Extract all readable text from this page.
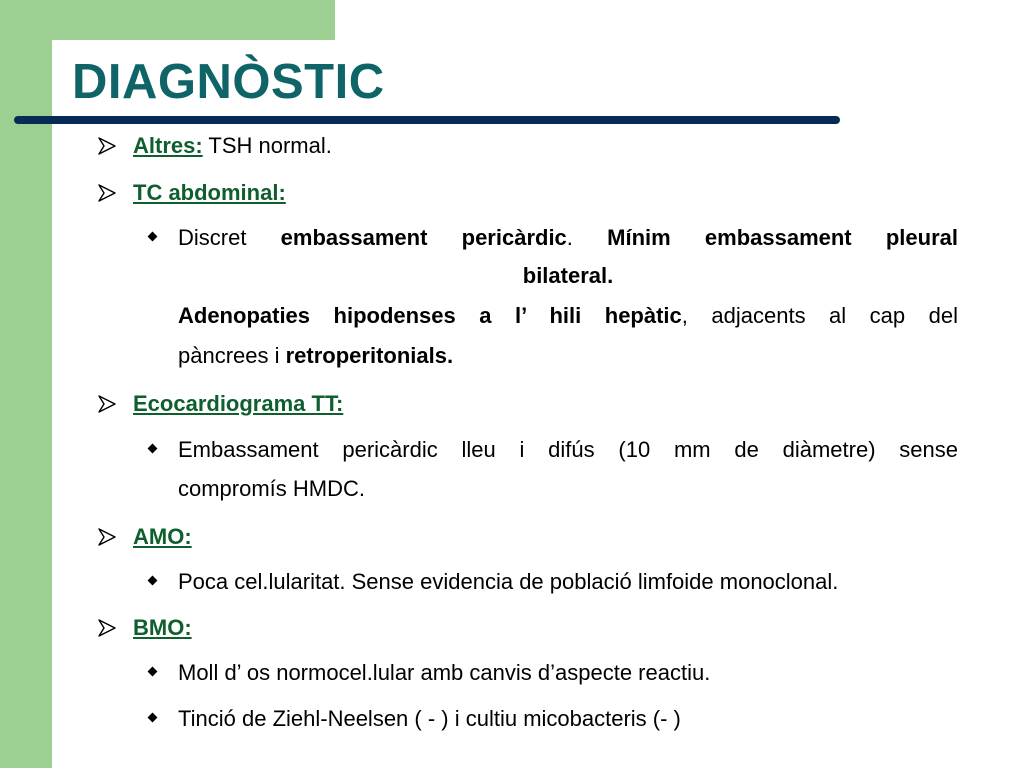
DIAGNÒSTIC
Altres: TSH normal.
TC abdominal:
Discret embassament pericàrdic. Mínim embassament pleural
bilateral.
Adenopaties hipodenses a l’ hili hepàtic, adjacents al cap del
pàncrees i retroperitonials.
Ecocardiograma TT:
Embassament pericàrdic lleu i difús (10 mm de diàmetre) sense
compromís HMDC.
AMO:
Poca cel.lularitat. Sense evidencia de població limfoide monoclonal.
BMO:
Moll d’ os normocel.lular amb canvis d’aspecte reactiu.
Tinció de Ziehl-Neelsen ( - ) i cultiu micobacteris (- )
